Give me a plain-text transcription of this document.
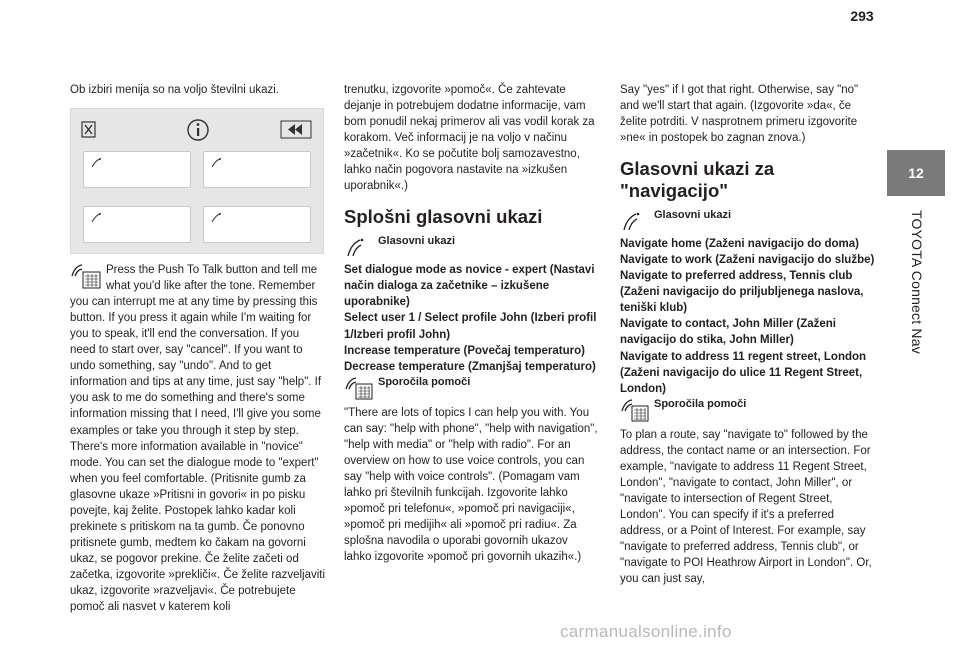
293
12
TOYOTA Connect Nav

Ob izbiri menija so na voljo številni ukazi.

Press the Push To Talk button and tell me what you'd like after the tone. Remember you can interrupt me at any time by pressing this button. If you press it again while I'm waiting for you to speak, it'll end the conversation. If you need to start over, say "cancel". If you want to undo something, say "undo". And to get information and tips at any time, just say "help". If you ask to me do something and there's some information missing that I need, I'll give you some examples or take you through it step by step. There's more information available in "novice" mode. You can set the dialogue mode to "expert" when you feel comfortable. (Pritisnite gumb za glasovne ukaze »Pritisni in govori« in po pisku povejte, kaj želite. Postopek lahko kadar koli prekinete s pritiskom na ta gumb. Če ponovno pritisnete gumb, medtem ko čakam na govorni ukaz, se pogovor prekine. Če želite začeti od začetka, izgovorite »prekliči«. Če želite razveljaviti ukaz, izgovorite »razveljavi«. Če potrebujete pomoč ali nasvet v katerem koli

trenutku, izgovorite »pomoč«. Če zahtevate dejanje in potrebujem dodatne informacije, vam bom ponudil nekaj primerov ali vas vodil korak za korakom. Več informacij je na voljo v načinu »začetnik«. Ko se počutite bolj samozavestno, lahko način pogovora nastavite na »izkušen uporabnik«.)

Splošni glasovni ukazi
Glasovni ukazi

Set dialogue mode as novice - expert (Nastavi način dialoga za začetnike – izkušene uporabnike)
Select user 1 / Select profile John (Izberi profil 1/Izberi profil John)
Increase temperature (Povečaj temperaturo)
Decrease temperature (Zmanjšaj temperaturo)

Sporočila pomoči

"There are lots of topics I can help you with. You can say: "help with phone", "help with navigation", "help with media" or "help with radio". For an overview on how to use voice controls, you can say "help with voice controls". (Pomagam vam lahko pri številnih funkcijah. Izgovorite lahko »pomoč pri telefonu«, »pomoč pri navigaciji«, »pomoč pri medijih« ali »pomoč pri radiu«. Za splošna navodila o uporabi govornih ukazov lahko izgovorite »pomoč pri govornih ukazih«.)

Say "yes" if I got that right. Otherwise, say "no" and we'll start that again. (Izgovorite »da«, če želite potrditi. V nasprotnem primeru izgovorite »ne« in postopek bo zagnan znova.)

Glasovni ukazi za
"navigacijo"
Glasovni ukazi

Navigate home (Zaženi navigacijo do doma)
Navigate to work (Zaženi navigacijo do službe)
Navigate to preferred address, Tennis club (Zaženi navigacijo do priljubljenega naslova, teniški klub)
Navigate to contact, John Miller (Zaženi navigacijo do stika, John Miller)
Navigate to address 11 regent street, London (Zaženi navigacijo do ulice 11 Regent Street, London)

Sporočila pomoči

To plan a route, say "navigate to" followed by the address, the contact name or an intersection. For example, "navigate to address 11 Regent Street, London", "navigate to contact, John Miller", or "navigate to intersection of Regent Street, London". You can specify if it's a preferred address, or a Point of Interest. For example, say "navigate to preferred address, Tennis club", or "navigate to POI Heathrow Airport in London". Or, you can just say,

carmanualsonline.info
